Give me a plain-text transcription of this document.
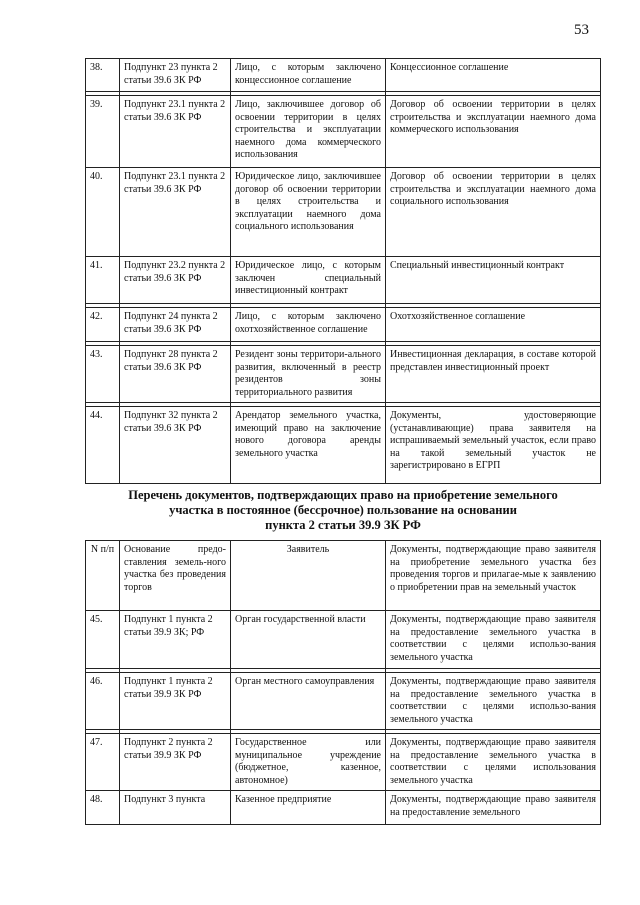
53
38.	Подпункт 23 пункта 2 статьи 39.6 ЗК РФ	Лицо, с которым заключено концессионное соглашение	Концессионное соглашение

39.	Подпункт 23.1 пункта 2 статьи 39.6 ЗК РФ	Лицо, заключившее договор об освоении территории в целях строительства и эксплуатации наемного дома коммерческого использования	Договор об освоении территории в целях строительства и эксплуатации наемного дома коммерческого использования
40.	Подпункт 23.1 пункта 2 статьи 39.6 ЗК РФ	Юридическое лицо, заключившее договор об освоении территории в целях строительства и эксплуатации наемного дома социального использования	Договор об освоении территории в целях строительства и эксплуатации наемного дома социального использования
41.	Подпункт 23.2 пункта 2 статьи 39.6 ЗК РФ	Юридическое лицо, с которым заключен специальный инвестиционный контракт	Специальный инвестиционный контракт

42.	Подпункт 24 пункта 2 статьи 39.6 ЗК РФ	Лицо, с которым заключено охотхозяйственное соглашение	Охотхозяйственное соглашение

43.	Подпункт 28 пункта 2 статьи 39.6 ЗК РФ	Резидент зоны территори-ального развития, включенный в реестр резидентов зоны территориального развития	Инвестиционная декларация, в составе которой представлен инвестиционный проект

44.	Подпункт 32 пункта 2 статьи 39.6 ЗК РФ	Арендатор земельного участка, имеющий право на заключение нового договора аренды земельного участка	Документы, удостоверяющие (устанавливающие) права заявителя на испрашиваемый земельный участок, если право на такой земельный участок не зарегистрировано в ЕГРП
Перечень документов, подтверждающих право на приобретение земельного
участка в постоянное (бессрочное) пользование на основании
пункта 2 статьи 39.9 ЗК РФ
N п/п	Основание предо-ставления земель-ного участка без проведения торгов	Заявитель	Документы, подтверждающие право заявителя на приобретение земельного участка без проведения торгов и прилагае-мые к заявлению о приобретении прав на земельный участок
45.	Подпункт 1 пункта 2 статьи 39.9 ЗК; РФ	Орган государственной власти	Документы, подтверждающие право заявителя на предоставление земельного участка в соответствии с целями использо-вания земельного участка

46.	Подпункт 1 пункта 2 статьи 39.9 ЗК РФ	Орган местного самоуправления	Документы, подтверждающие право заявителя на предоставление земельного участка в соответствии с целями использо-вания земельного участка

47.	Подпункт 2 пункта 2 статьи 39.9 ЗК РФ	Государственное или муниципальное учреждение (бюджетное, казенное, автономное)	Документы, подтверждающие право заявителя на предоставление земельного участка в соответствии с целями использования земельного участка
48.	Подпункт 3 пункта	Казенное предприятие	Документы, подтверждающие право заявителя на предоставление земельного
